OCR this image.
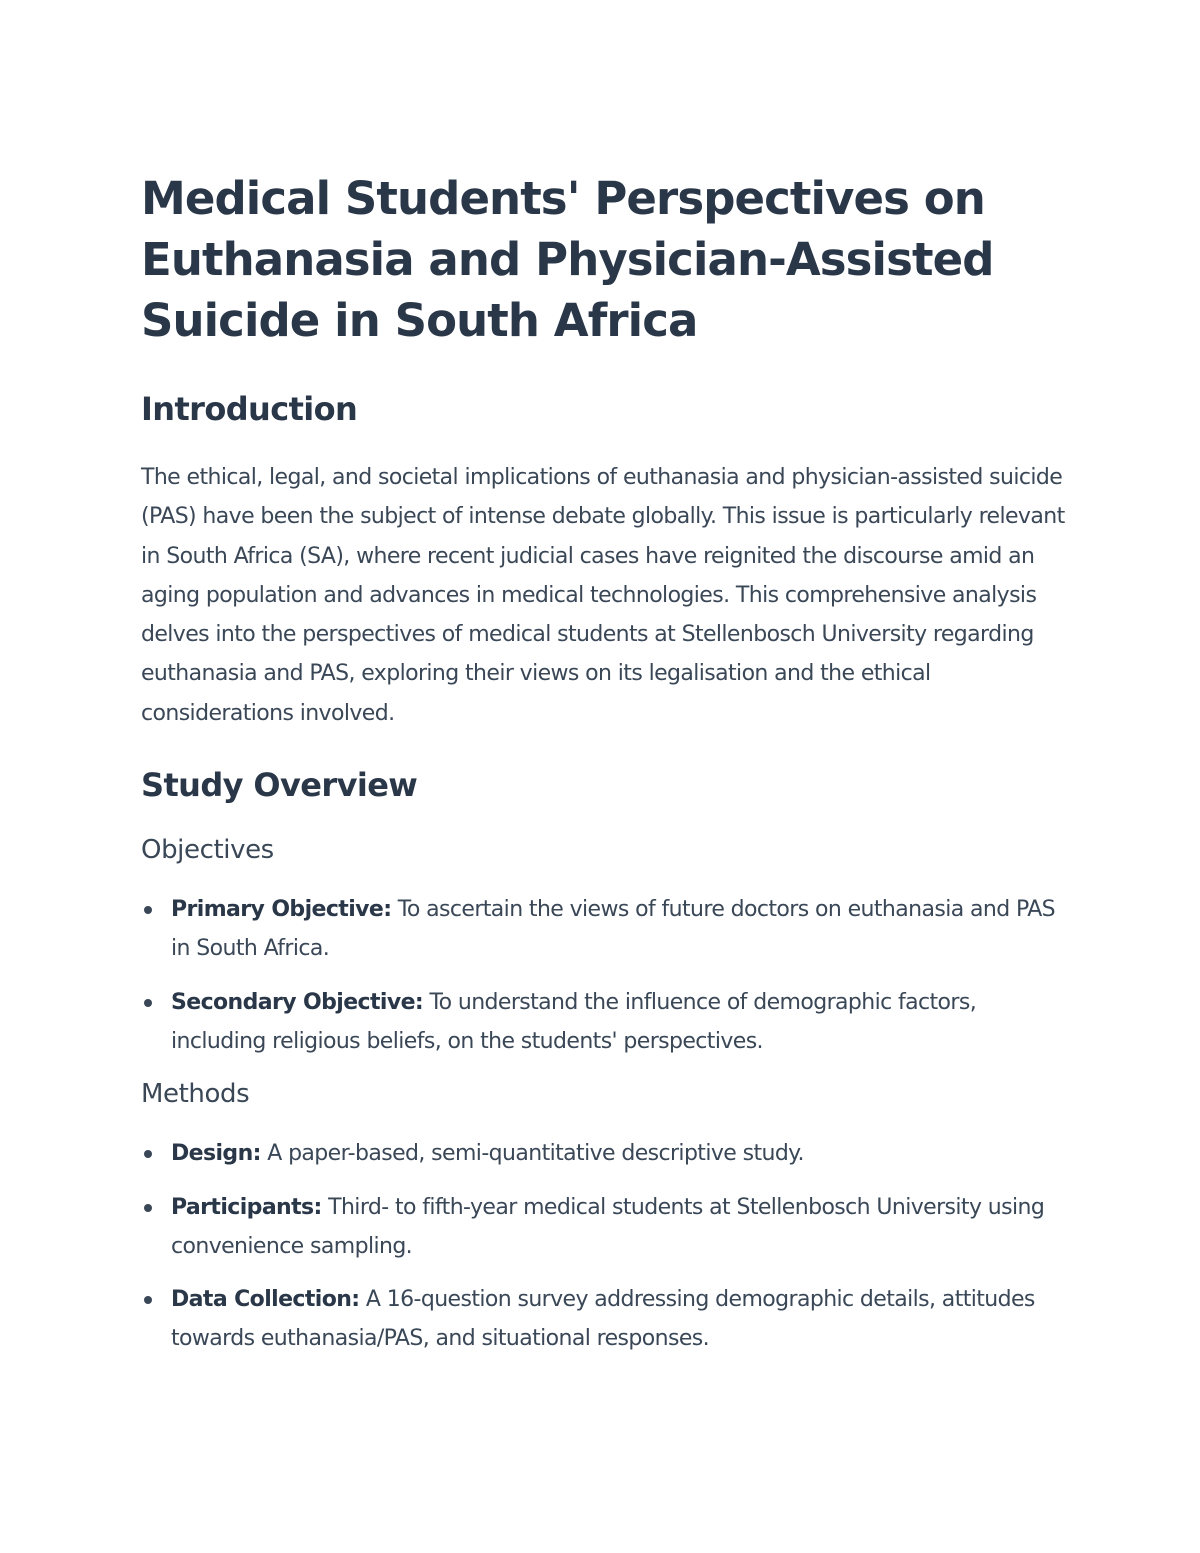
Medical Students' Perspectives on Euthanasia and Physician-Assisted Suicide in South Africa
Introduction

The ethical, legal, and societal implications of euthanasia and physician-assisted suicide (PAS) have been the subject of intense debate globally. This issue is particularly relevant in South Africa (SA), where recent judicial cases have reignited the discourse amid an aging population and advances in medical technologies. This comprehensive analysis delves into the perspectives of medical students at Stellenbosch University regarding euthanasia and PAS, exploring their views on its legalisation and the ethical considerations involved.

Study Overview
Objectives
Primary Objective: To ascertain the views of future doctors on euthanasia and PAS in South Africa.
Secondary Objective: To understand the influence of demographic factors, including religious beliefs, on the students' perspectives.
Methods
Design: A paper-based, semi-quantitative descriptive study.
Participants: Third- to fifth-year medical students at Stellenbosch University using convenience sampling.
Data Collection: A 16-question survey addressing demographic details, attitudes towards euthanasia/PAS, and situational responses.
